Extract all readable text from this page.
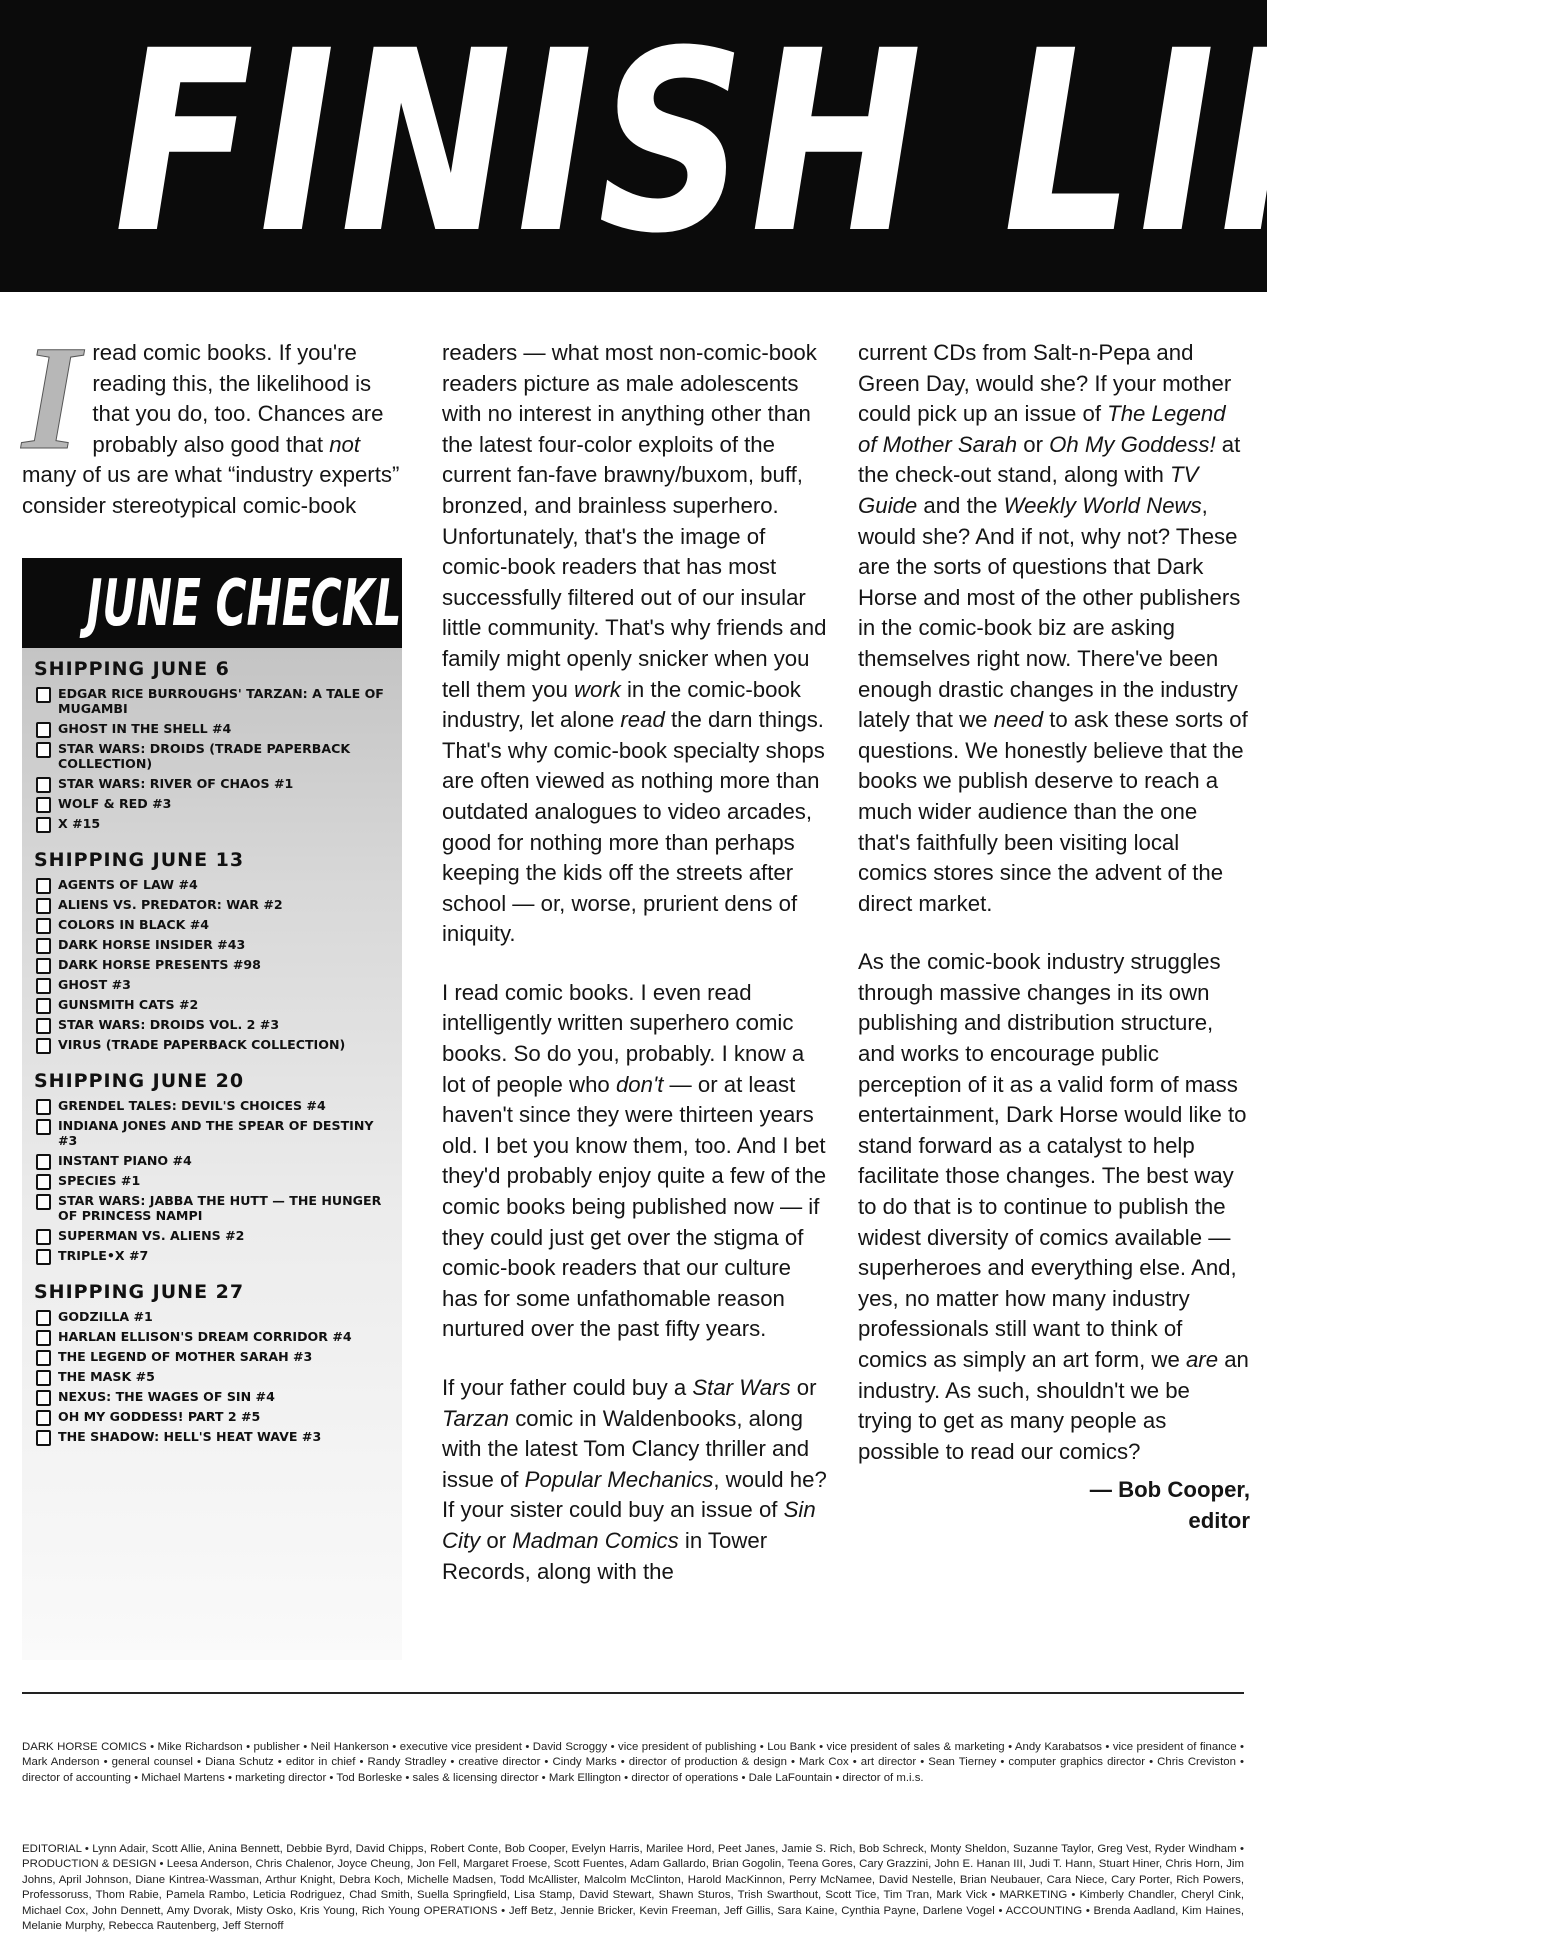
FINISH LINE

Iread comic books. If you're reading this, the likelihood is that you do, too. Chances are probably also good that not many of us are what “industry experts” consider stereotypical comic-book

JUNE CHECKLIST
SHIPPING JUNE 6
EDGAR RICE BURROUGHS' TARZAN: A TALE OF MUGAMBI
GHOST IN THE SHELL #4
STAR WARS: DROIDS (TRADE PAPERBACK COLLECTION)
STAR WARS: RIVER OF CHAOS #1
WOLF & RED #3
X #15
SHIPPING JUNE 13
AGENTS OF LAW #4
ALIENS VS. PREDATOR: WAR #2
COLORS IN BLACK #4
DARK HORSE INSIDER #43
DARK HORSE PRESENTS #98
GHOST #3
GUNSMITH CATS #2
STAR WARS: DROIDS VOL. 2 #3
VIRUS (TRADE PAPERBACK COLLECTION)
SHIPPING JUNE 20
GRENDEL TALES: DEVIL'S CHOICES #4
INDIANA JONES AND THE SPEAR OF DESTINY #3
INSTANT PIANO #4
SPECIES #1
STAR WARS: JABBA THE HUTT — THE HUNGER OF PRINCESS NAMPI
SUPERMAN VS. ALIENS #2
TRIPLE•X #7
SHIPPING JUNE 27
GODZILLA #1
HARLAN ELLISON'S DREAM CORRIDOR #4
THE LEGEND OF MOTHER SARAH #3
THE MASK #5
NEXUS: THE WAGES OF SIN #4
OH MY GODDESS! PART 2 #5
THE SHADOW: HELL'S HEAT WAVE #3

readers — what most non-comic-book readers picture as male adolescents with no interest in anything other than the latest four-color exploits of the current fan-fave brawny/buxom, buff, bronzed, and brainless superhero. Unfortunately, that's the image of comic-book readers that has most successfully filtered out of our insular little community. That's why friends and family might openly snicker when you tell them you work in the comic-book industry, let alone read the darn things. That's why comic-book specialty shops are often viewed as nothing more than outdated analogues to video arcades, good for nothing more than perhaps keeping the kids off the streets after school — or, worse, prurient dens of iniquity.

I read comic books. I even read intelligently written superhero comic books. So do you, probably. I know a lot of people who don't — or at least haven't since they were thirteen years old. I bet you know them, too. And I bet they'd probably enjoy quite a few of the comic books being published now — if they could just get over the stigma of comic-book readers that our culture has for some unfathomable reason nurtured over the past fifty years.

If your father could buy a Star Wars or Tarzan comic in Waldenbooks, along with the latest Tom Clancy thriller and issue of Popular Mechanics, would he? If your sister could buy an issue of Sin City or Madman Comics in Tower Records, along with the

current CDs from Salt-n-Pepa and Green Day, would she? If your mother could pick up an issue of The Legend of Mother Sarah or Oh My Goddess! at the check-out stand, along with TV Guide and the Weekly World News, would she? And if not, why not? These are the sorts of questions that Dark Horse and most of the other publishers in the comic-book biz are asking themselves right now. There've been enough drastic changes in the industry lately that we need to ask these sorts of questions. We honestly believe that the books we publish deserve to reach a much wider audience than the one that's faithfully been visiting local comics stores since the advent of the direct market.

As the comic-book industry struggles through massive changes in its own publishing and distribution structure, and works to encourage public perception of it as a valid form of mass entertainment, Dark Horse would like to stand forward as a catalyst to help facilitate those changes. The best way to do that is to continue to publish the widest diversity of comics available — superheroes and everything else. And, yes, no matter how many industry professionals still want to think of comics as simply an art form, we are an industry. As such, shouldn't we be trying to get as many people as possible to read our comics?

— Bob Cooper,
editor
DARK HORSE COMICS • Mike Richardson • publisher • Neil Hankerson • executive vice president • David Scroggy • vice president of publishing • Lou Bank • vice president of sales & marketing • Andy Karabatsos • vice president of finance • Mark Anderson • general counsel • Diana Schutz • editor in chief • Randy Stradley • creative director • Cindy Marks • director of production & design • Mark Cox • art director • Sean Tierney • computer graphics director • Chris Creviston • director of accounting • Michael Martens • marketing director • Tod Borleske • sales & licensing director • Mark Ellington • director of operations • Dale LaFountain • director of m.i.s.
EDITORIAL • Lynn Adair, Scott Allie, Anina Bennett, Debbie Byrd, David Chipps, Robert Conte, Bob Cooper, Evelyn Harris, Marilee Hord, Peet Janes, Jamie S. Rich, Bob Schreck, Monty Sheldon, Suzanne Taylor, Greg Vest, Ryder Windham • PRODUCTION & DESIGN • Leesa Anderson, Chris Chalenor, Joyce Cheung, Jon Fell, Margaret Froese, Scott Fuentes, Adam Gallardo, Brian Gogolin, Teena Gores, Cary Grazzini, John E. Hanan III, Judi T. Hann, Stuart Hiner, Chris Horn, Jim Johns, April Johnson, Diane Kintrea-Wassman, Arthur Knight, Debra Koch, Michelle Madsen, Todd McAllister, Malcolm McClinton, Harold MacKinnon, Perry McNamee, David Nestelle, Brian Neubauer, Cara Niece, Cary Porter, Rich Powers, Professoruss, Thom Rabie, Pamela Rambo, Leticia Rodriguez, Chad Smith, Suella Springfield, Lisa Stamp, David Stewart, Shawn Sturos, Trish Swarthout, Scott Tice, Tim Tran, Mark Vick • MARKETING • Kimberly Chandler, Cheryl Cink, Michael Cox, John Dennett, Amy Dvorak, Misty Osko, Kris Young, Rich Young OPERATIONS • Jeff Betz, Jennie Bricker, Kevin Freeman, Jeff Gillis, Sara Kaine, Cynthia Payne, Darlene Vogel • ACCOUNTING • Brenda Aadland, Kim Haines, Melanie Murphy, Rebecca Rautenberg, Jeff Sternoff
